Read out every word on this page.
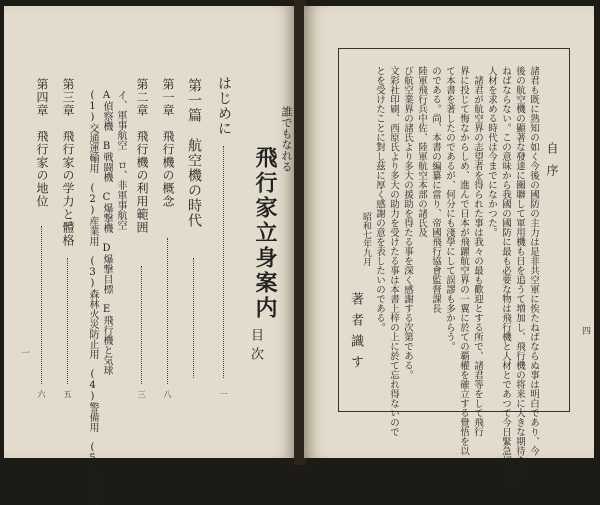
誰でもなれる
飛行家立身案内
目次
はじめに
一
第一篇　航空機の時代
第一章　飛行機の概念
八
第二章　飛行機の利用範囲
三
イ、軍事航空　ロ、非軍事航空
A偵察機　B戦闘機　C爆撃機　D爆撃目標　E飛行機と気球
(1)交通運輸用　(2)産業用　(3)森林火災防止用　(4)警備用　(5)測量用
第三章　飛行家の学力と體格
五
第四章　飛行家の地位
六
一
四
自序
諸君も既に熟知の如く今後の國防の主力は是非共空軍に俟たねばならぬ事は明白であり、今
後の航空機の顯著な發達に關聯して軍用機も日を追うて増加し、飛行機の将来に大きな期待をかけ
ねばならない。この意味から我國の國防に最も必要な物は飛行機と人材とであつて今日緊急切實に
人材を求める時代は今までになかつた。
　諸君が航空界の志望者を得られた事は我々の最も歡迎とする所で、諸君等をして飛行
界に投じて悔なからしめ、進んで日本が飛躍航空界の一翼に於ての覇權を確立する覺悟を以
て本書を著したのであるが、何分にも淺學にして誤謬も多からう。
のである。尚、本書の編纂に當り、帝國飛行協會監督課長
陸軍飛行兵中佐、陸軍航空本部の諸氏及
び航空業界の諸氏より多大の援助を得たる事を深く感謝する次第である。
文彩社印刷、西原氏より多大の助力を受けたる事は本書上梓の上に於て忘れ得ないので
とを受けたことに對し茲に厚く感謝の意を表したいのである。
昭和七年九月
著者識す
